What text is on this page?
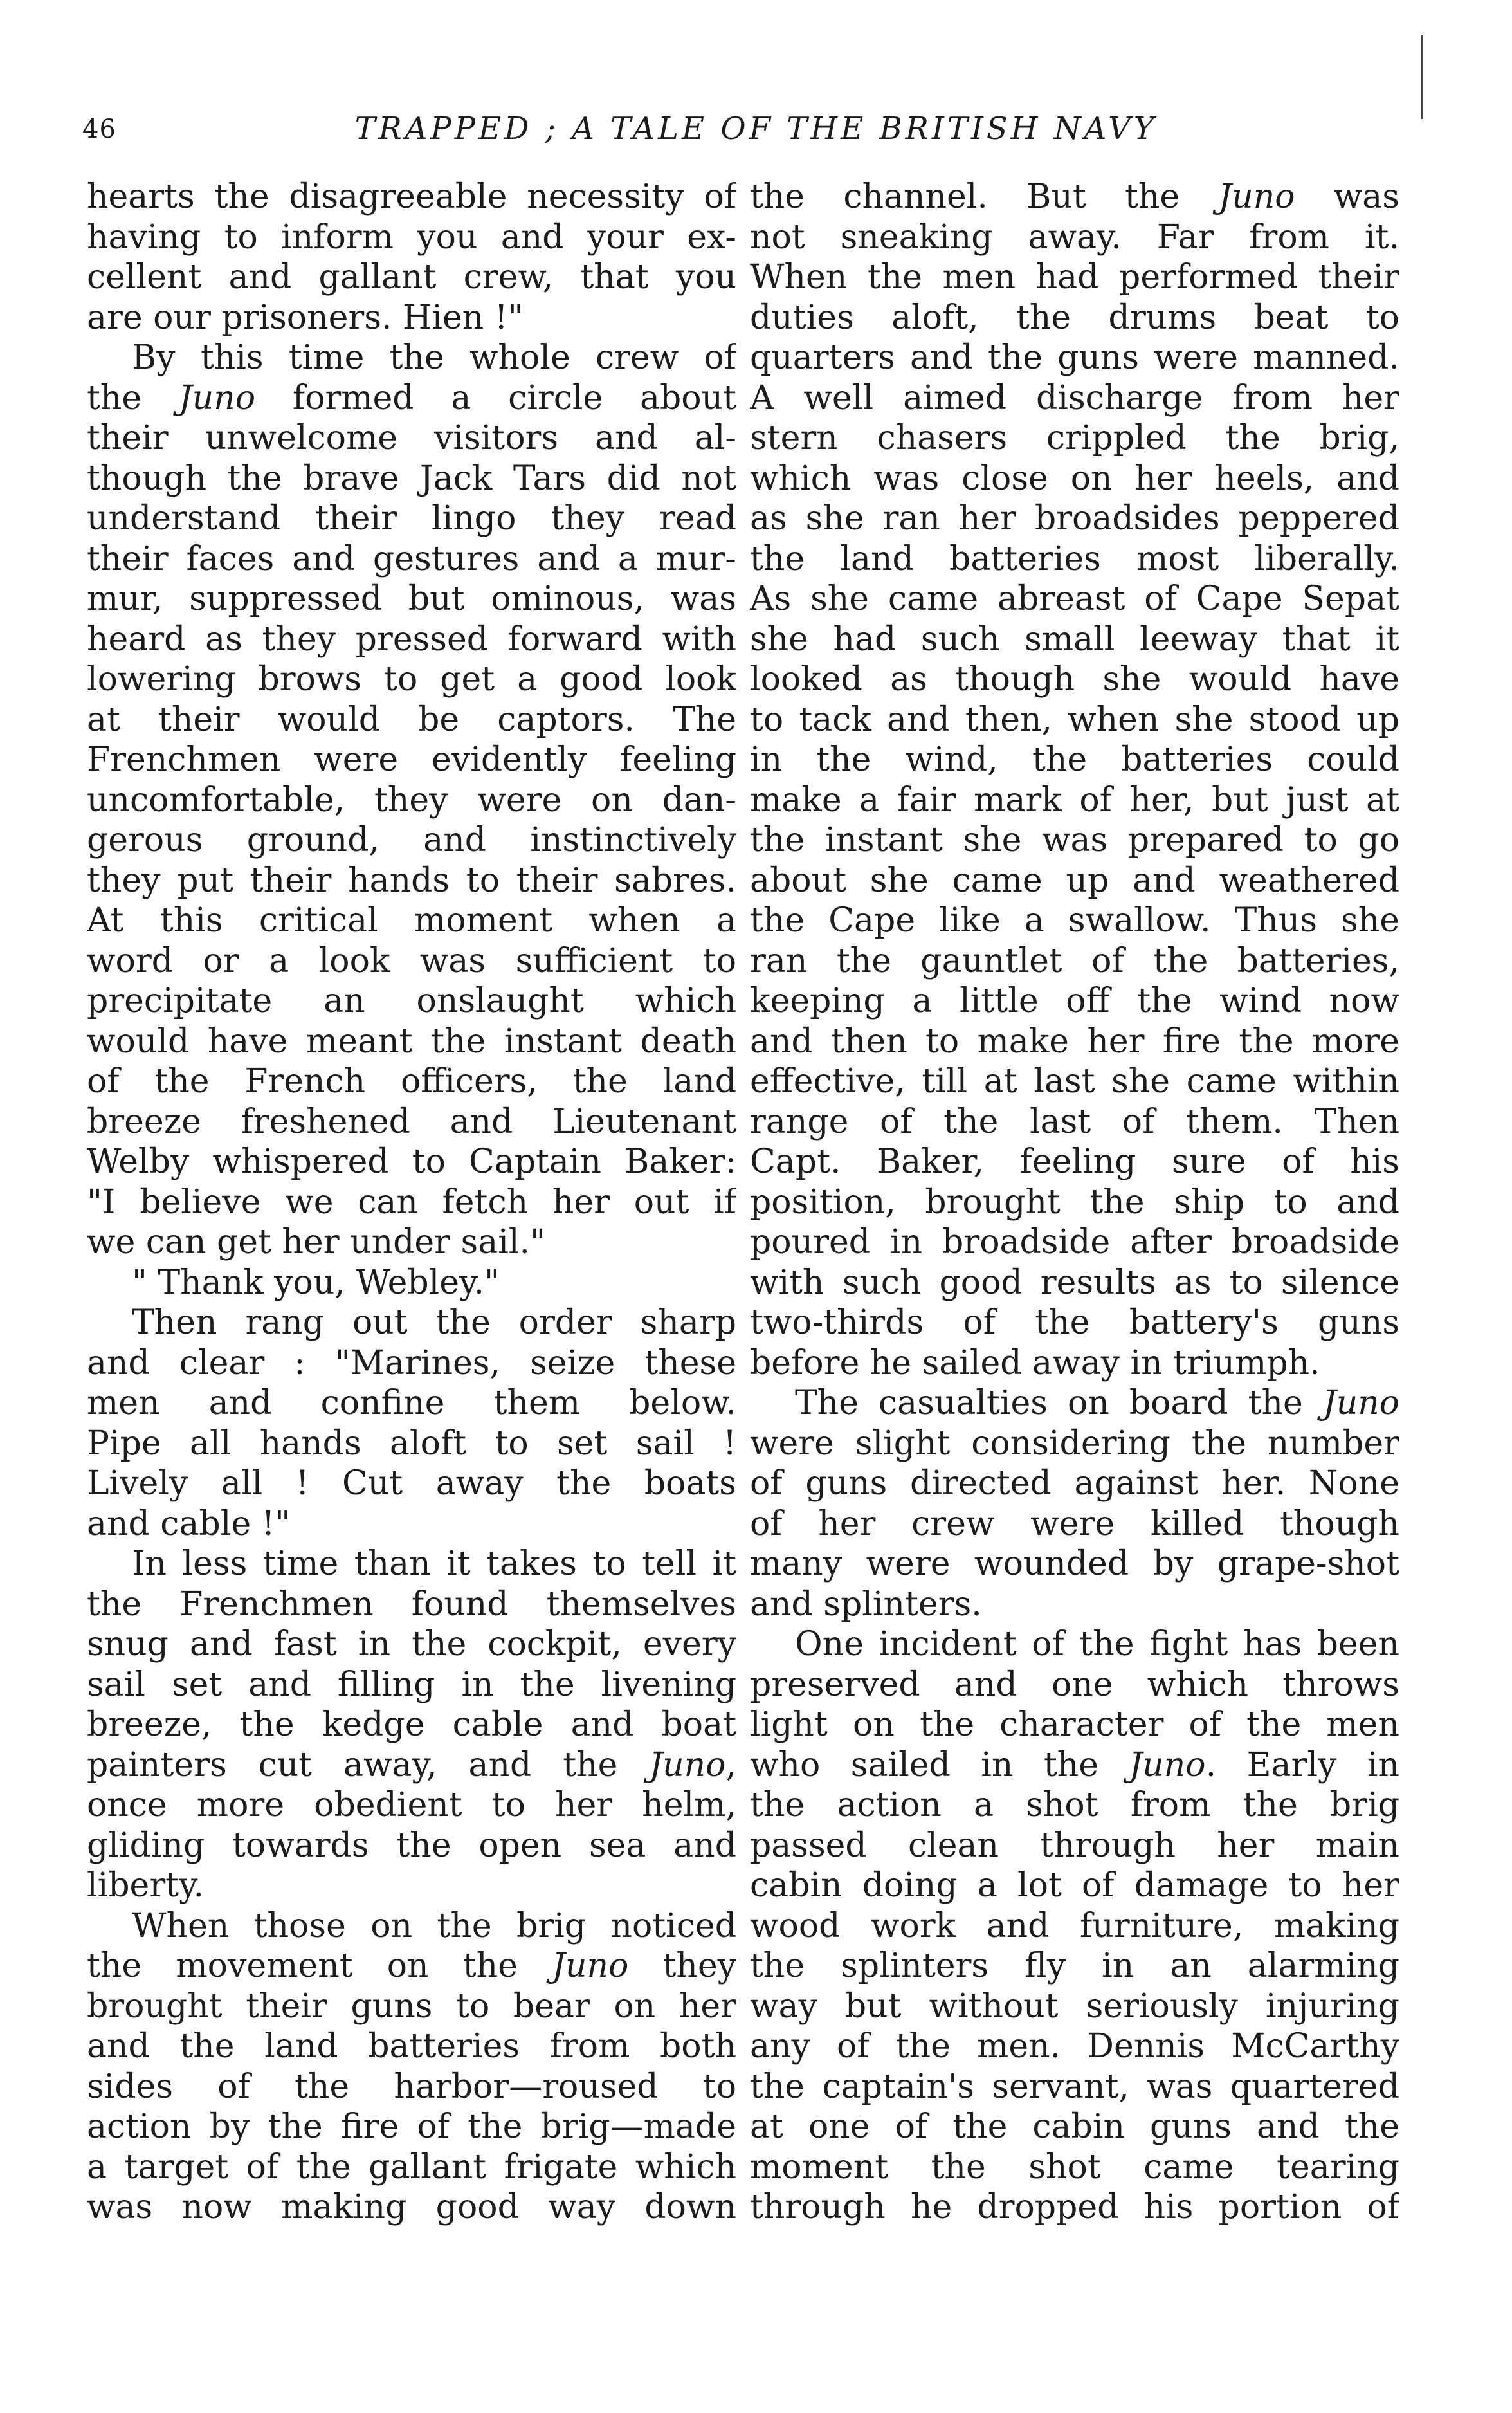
46	TRAPPED ; A TALE OF THE BRITISH NAVY
hearts the disagreeable necessity of
having to inform you and your ex-
cellent and gallant crew, that you
are our prisoners. Hien !"
By this time the whole crew of
the Juno formed a circle about
their unwelcome visitors and al-
though the brave Jack Tars did not
understand their lingo they read
their faces and gestures and a mur-
mur, suppressed but ominous, was
heard as they pressed forward with
lowering brows to get a good look
at their would be captors. The
Frenchmen were evidently feeling
uncomfortable, they were on dan-
gerous ground, and instinctively
they put their hands to their sabres.
At this critical moment when a
word or a look was sufficient to
precipitate an onslaught which
would have meant the instant death
of the French officers, the land
breeze freshened and Lieutenant
Welby whispered to Captain Baker:
"I believe we can fetch her out if
we can get her under sail."
" Thank you, Webley."
Then rang out the order sharp
and clear : "Marines, seize these
men and confine them below.
Pipe all hands aloft to set sail !
Lively all ! Cut away the boats
and cable !"
In less time than it takes to tell it
the Frenchmen found themselves
snug and fast in the cockpit, every
sail set and filling in the livening
breeze, the kedge cable and boat
painters cut away, and the Juno,
once more obedient to her helm,
gliding towards the open sea and
liberty.
When those on the brig noticed
the movement on the Juno they
brought their guns to bear on her
and the land batteries from both
sides of the harbor—roused to
action by the fire of the brig—made
a target of the gallant frigate which
was now making good way down
the channel. But the Juno was
not sneaking away. Far from it.
When the men had performed their
duties aloft, the drums beat to
quarters and the guns were manned.
A well aimed discharge from her
stern chasers crippled the brig,
which was close on her heels, and
as she ran her broadsides peppered
the land batteries most liberally.
As she came abreast of Cape Sepat
she had such small leeway that it
looked as though she would have
to tack and then, when she stood up
in the wind, the batteries could
make a fair mark of her, but just at
the instant she was prepared to go
about she came up and weathered
the Cape like a swallow. Thus she
ran the gauntlet of the batteries,
keeping a little off the wind now
and then to make her fire the more
effective, till at last she came within
range of the last of them. Then
Capt. Baker, feeling sure of his
position, brought the ship to and
poured in broadside after broadside
with such good results as to silence
two-thirds of the battery's guns
before he sailed away in triumph.
The casualties on board the Juno
were slight considering the number
of guns directed against her. None
of her crew were killed though
many were wounded by grape-shot
and splinters.
One incident of the fight has been
preserved and one which throws
light on the character of the men
who sailed in the Juno. Early in
the action a shot from the brig
passed clean through her main
cabin doing a lot of damage to her
wood work and furniture, making
the splinters fly in an alarming
way but without seriously injuring
any of the men. Dennis McCarthy
the captain's servant, was quartered
at one of the cabin guns and the
moment the shot came tearing
through he dropped his portion of
